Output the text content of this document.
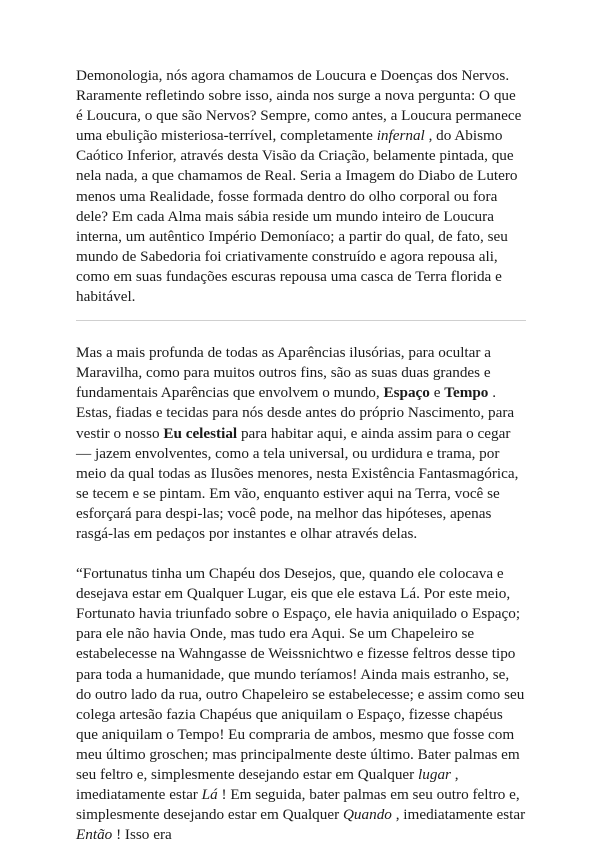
Demonologia, nós agora chamamos de Loucura e Doenças dos Nervos. Raramente refletindo sobre isso, ainda nos surge a nova pergunta: O que é Loucura, o que são Nervos? Sempre, como antes, a Loucura permanece uma ebulição misteriosa-terrível, completamente infernal , do Abismo Caótico Inferior, através desta Visão da Criação, belamente pintada, que nela nada, a que chamamos de Real. Seria a Imagem do Diabo de Lutero menos uma Realidade, fosse formada dentro do olho corporal ou fora dele? Em cada Alma mais sábia reside um mundo inteiro de Loucura interna, um autêntico Império Demoníaco; a partir do qual, de fato, seu mundo de Sabedoria foi criativamente construído e agora repousa ali, como em suas fundações escuras repousa uma casca de Terra florida e habitável.

Mas a mais profunda de todas as Aparências ilusórias, para ocultar a Maravilha, como para muitos outros fins, são as suas duas grandes e fundamentais Aparências que envolvem o mundo, Espaço e Tempo . Estas, fiadas e tecidas para nós desde antes do próprio Nascimento, para vestir o nosso Eu celestial para habitar aqui, e ainda assim para o cegar — jazem envolventes, como a tela universal, ou urdidura e trama, por meio da qual todas as Ilusões menores, nesta Existência Fantasmagórica, se tecem e se pintam. Em vão, enquanto estiver aqui na Terra, você se esforçará para despi-las; você pode, na melhor das hipóteses, apenas rasgá-las em pedaços por instantes e olhar através delas.

“Fortunatus tinha um Chapéu dos Desejos, que, quando ele colocava e desejava estar em Qualquer Lugar, eis que ele estava Lá. Por este meio, Fortunato havia triunfado sobre o Espaço, ele havia aniquilado o Espaço; para ele não havia Onde, mas tudo era Aqui. Se um Chapeleiro se estabelecesse na Wahngasse de Weissnichtwo e fizesse feltros desse tipo para toda a humanidade, que mundo teríamos! Ainda mais estranho, se, do outro lado da rua, outro Chapeleiro se estabelecesse; e assim como seu colega artesão fazia Chapéus que aniquilam o Espaço, fizesse chapéus que aniquilam o Tempo! Eu compraria de ambos, mesmo que fosse com meu último groschen; mas principalmente deste último. Bater palmas em seu feltro e, simplesmente desejando estar em Qualquer lugar , imediatamente estar Lá ! Em seguida, bater palmas em seu outro feltro e, simplesmente desejando estar em Qualquer Quando , imediatamente estar Então ! Isso era
